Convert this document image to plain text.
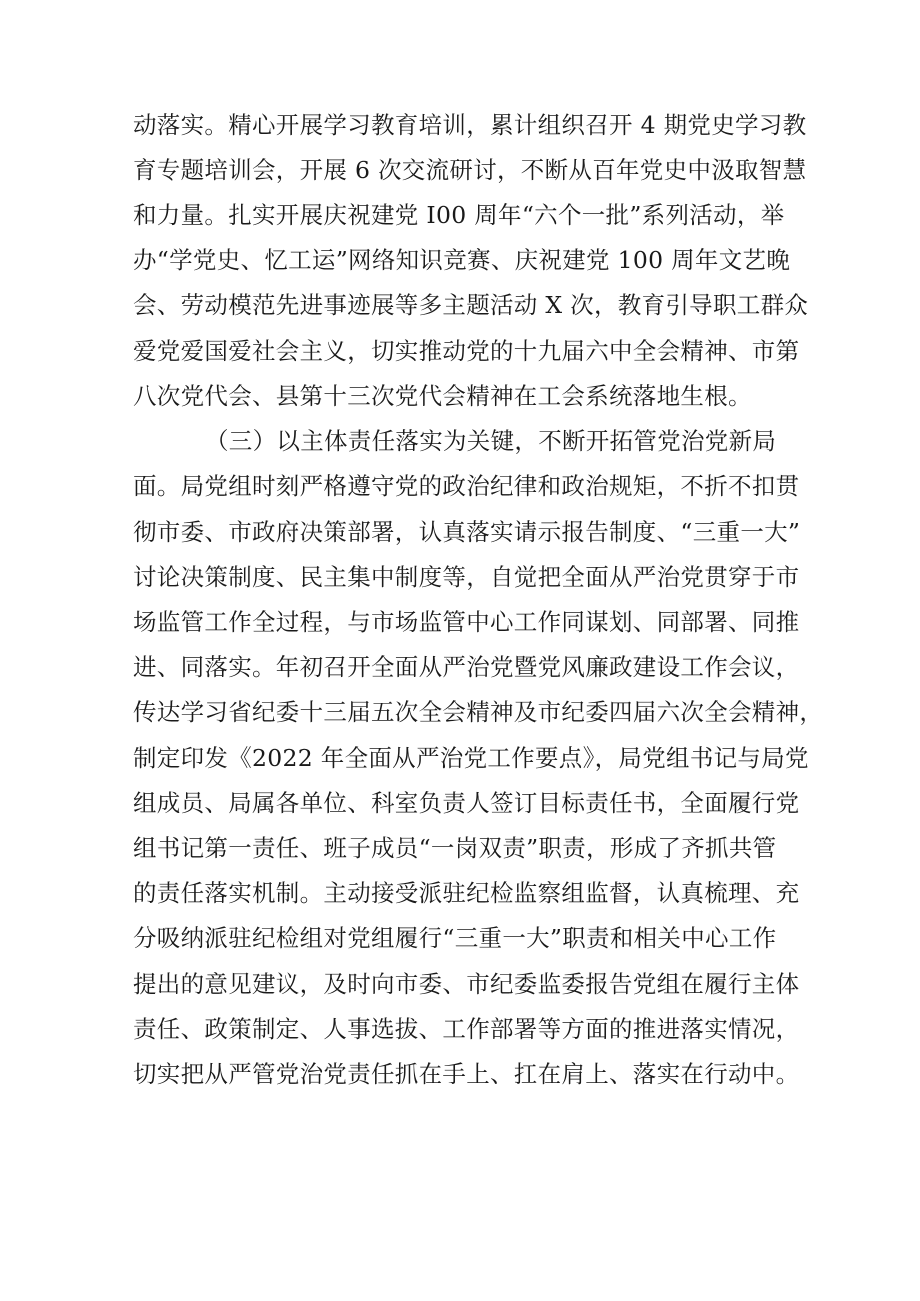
动落实。精心开展学习教育培训，累计组织召开 4 期党史学习教

育专题培训会，开展 6 次交流研讨，不断从百年党史中汲取智慧

和力量。扎实开展庆祝建党 I00 周年“六个一批”系列活动，举

办“学党史、忆工运”网络知识竞赛、庆祝建党 100 周年文艺晚

会、劳动模范先进事迹展等多主题活动 X 次，教育引导职工群众

爱党爱国爱社会主义，切实推动党的十九届六中全会精神、市第

八次党代会、县第十三次党代会精神在工会系统落地生根。

（三）以主体责任落实为关键，不断开拓管党治党新局

面。局党组时刻严格遵守党的政治纪律和政治规矩，不折不扣贯

彻市委、市政府决策部署，认真落实请示报告制度、“三重一大”

讨论决策制度、民主集中制度等，自觉把全面从严治党贯穿于市

场监管工作全过程，与市场监管中心工作同谋划、同部署、同推

进、同落实。年初召开全面从严治党暨党风廉政建设工作会议，

传达学习省纪委十三届五次全会精神及市纪委四届六次全会精神，

制定印发《2022 年全面从严治党工作要点》，局党组书记与局党

组成员、局属各单位、科室负责人签订目标责任书，全面履行党

组书记第一责任、班子成员“一岗双责”职责，形成了齐抓共管

的责任落实机制。主动接受派驻纪检监察组监督，认真梳理、充

分吸纳派驻纪检组对党组履行“三重一大”职责和相关中心工作

提出的意见建议，及时向市委、市纪委监委报告党组在履行主体

责任、政策制定、人事选拔、工作部署等方面的推进落实情况，

切实把从严管党治党责任抓在手上、扛在肩上、落实在行动中。
